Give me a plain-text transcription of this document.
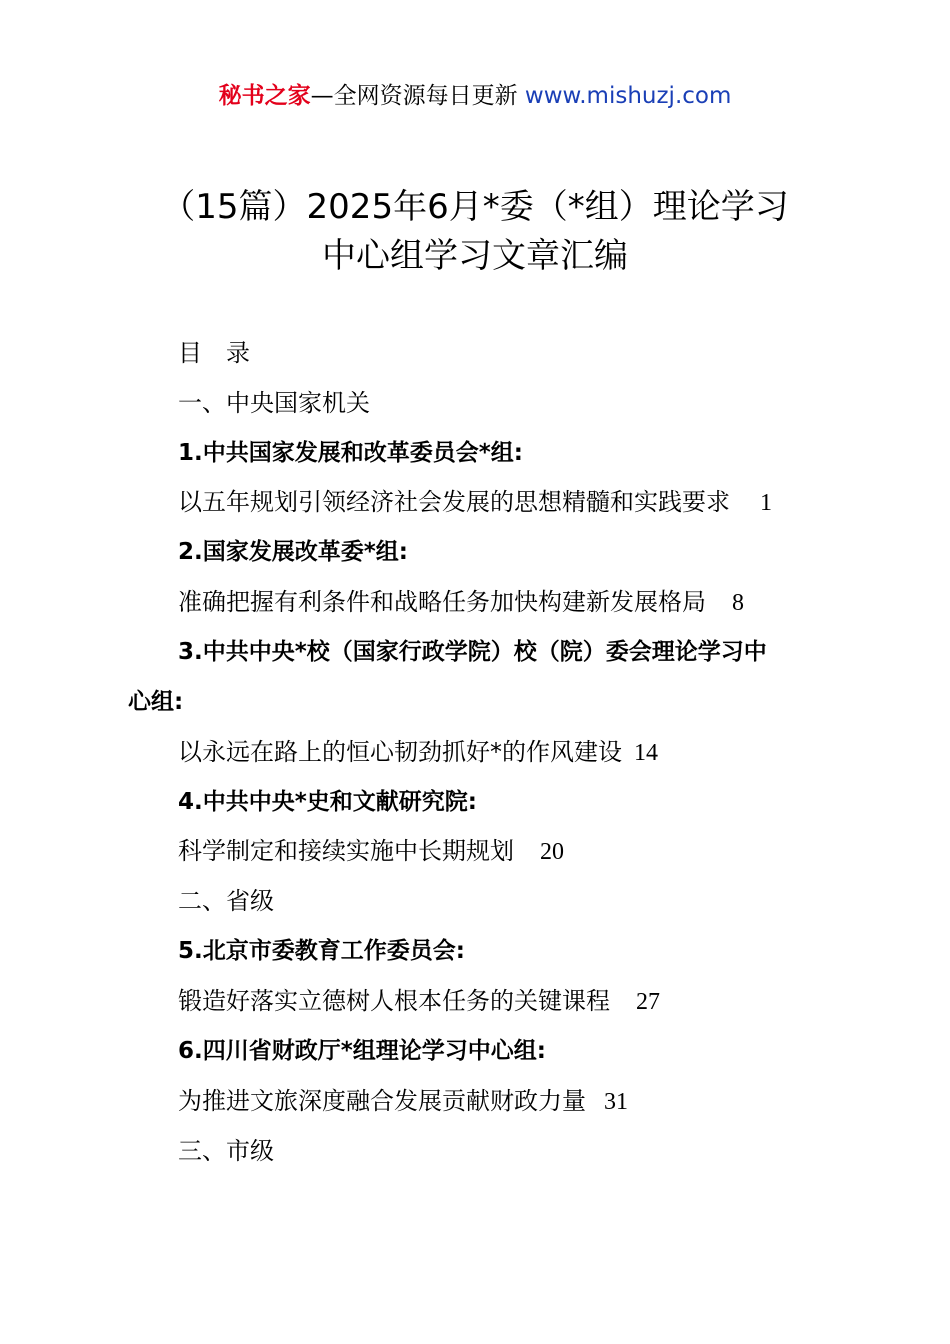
秘书之家—全网资源每日更新 www.mishuzj.com
（15篇）2025年6月*委（*组）理论学习
中心组学习文章汇编
目　录
一、中央国家机关
1.中共国家发展和改革委员会*组:
以五年规划引领经济社会发展的思想精髓和实践要求 1
2.国家发展改革委*组:
准确把握有利条件和战略任务加快构建新发展格局 8
3.中共中央*校（国家行政学院）校（院）委会理论学习中
心组:
以永远在路上的恒心韧劲抓好*的作风建设 14
4.中共中央*史和文献研究院:
科学制定和接续实施中长期规划 20
二、省级
5.北京市委教育工作委员会:
锻造好落实立德树人根本任务的关键课程 27
6.四川省财政厅*组理论学习中心组:
为推进文旅深度融合发展贡献财政力量 31
三、市级
